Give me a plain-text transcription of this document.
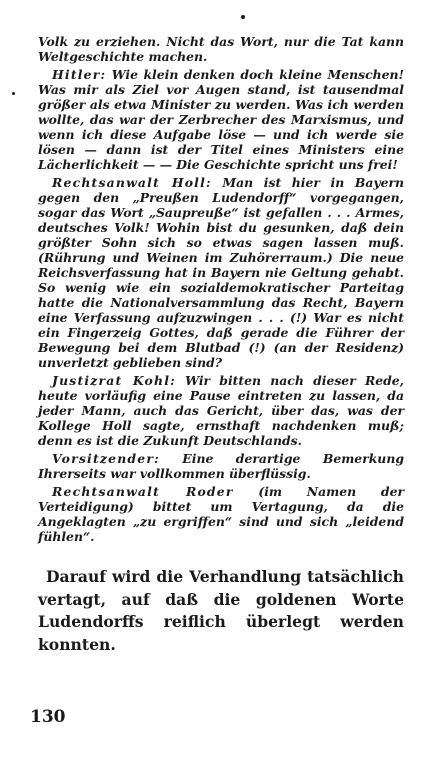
Volk zu erziehen. Nicht das Wort, nur die Tat kann Weltgeschichte machen.

Hitler: Wie klein denken doch kleine Menschen! Was mir als Ziel vor Augen stand, ist tausendmal größer als etwa Minister zu werden. Was ich werden wollte, das war der Zerbrecher des Marxismus, und wenn ich diese Aufgabe löse — und ich werde sie lösen — dann ist der Titel eines Ministers eine Lächerlichkeit — — Die Geschichte spricht uns frei!

Rechtsanwalt Holl: Man ist hier in Bayern gegen den „Preußen Ludendorff“ vorgegangen, sogar das Wort „Saupreuße“ ist gefallen . . . Armes, deutsches Volk! Wohin bist du gesunken, daß dein größter Sohn sich so etwas sagen lassen muß. (Rührung und Weinen im Zuhörerraum.) Die neue Reichsverfassung hat in Bayern nie Geltung gehabt. So wenig wie ein sozialdemokratischer Parteitag hatte die Nationalversammlung das Recht, Bayern eine Verfassung aufzuzwingen . . . (!) War es nicht ein Fingerzeig Gottes, daß gerade die Führer der Bewegung bei dem Blutbad (!) (an der Residenz) unverletzt geblieben sind?

Justizrat Kohl: Wir bitten nach dieser Rede, heute vorläufig eine Pause eintreten zu lassen, da jeder Mann, auch das Gericht, über das, was der Kollege Holl sagte, ernsthaft nachdenken muß; denn es ist die Zukunft Deutschlands.

Vorsitzender: Eine derartige Bemerkung Ihrerseits war vollkommen überflüssig.

Rechtsanwalt Roder (im Namen der Verteidigung) bittet um Vertagung, da die Angeklagten „zu ergriffen“ sind und sich „leidend fühlen“.

Darauf wird die Verhandlung tatsächlich vertagt, auf daß die goldenen Worte Ludendorffs reiflich überlegt werden konnten.

130
